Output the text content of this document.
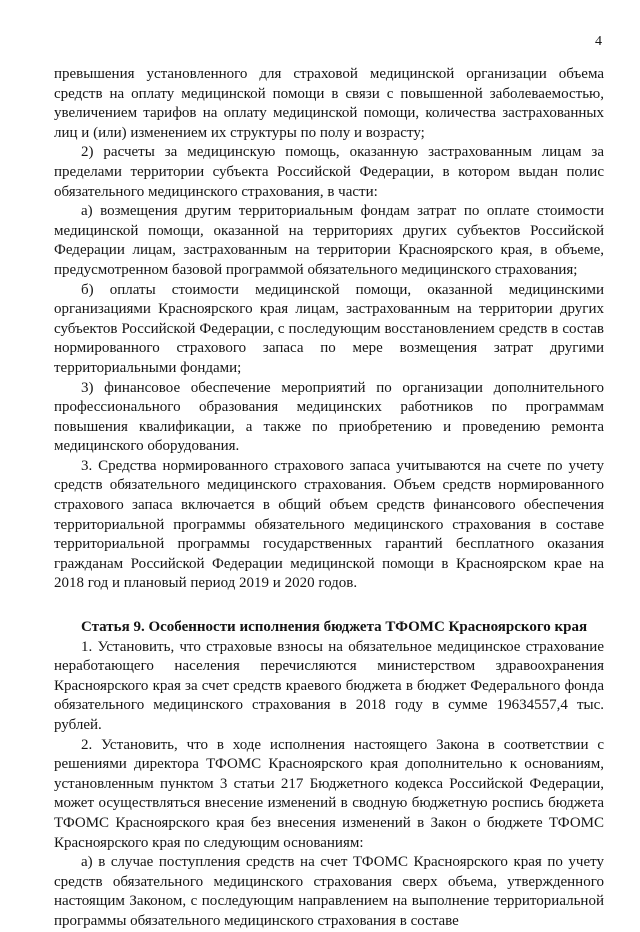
4

превышения установленного для страховой медицинской организации объема средств на оплату медицинской помощи в связи с повышенной заболеваемостью, увеличением тарифов на оплату медицинской помощи, количества застрахованных лиц и (или) изменением их структуры по полу и возрасту;

2) расчеты за медицинскую помощь, оказанную застрахованным лицам за пределами территории субъекта Российской Федерации, в котором выдан полис обязательного медицинского страхования, в части:

а) возмещения другим территориальным фондам затрат по оплате стоимости медицинской помощи, оказанной на территориях других субъектов Российской Федерации лицам, застрахованным на территории Красноярского края, в объеме, предусмотренном базовой программой обязательного медицинского страхования;

б) оплаты стоимости медицинской помощи, оказанной медицинскими организациями Красноярского края лицам, застрахованным на территории других субъектов Российской Федерации, с последующим восстановлением средств в состав нормированного страхового запаса по мере возмещения затрат другими территориальными фондами;

3) финансовое обеспечение мероприятий по организации дополнительного профессионального образования медицинских работников по программам повышения квалификации, а также по приобретению и проведению ремонта медицинского оборудования.

3. Средства нормированного страхового запаса учитываются на счете по учету средств обязательного медицинского страхования. Объем средств нормированного страхового запаса включается в общий объем средств финансового обеспечения территориальной программы обязательного медицинского страхования в составе территориальной программы государственных гарантий бесплатного оказания гражданам Российской Федерации медицинской помощи в Красноярском крае на 2018 год и плановый период 2019 и 2020 годов.

Статья 9. Особенности исполнения бюджета ТФОМС Красноярского края

1. Установить, что страховые взносы на обязательное медицинское страхование неработающего населения перечисляются министерством здравоохранения Красноярского края за счет средств краевого бюджета в бюджет Федерального фонда обязательного медицинского страхования в 2018 году в сумме 19634557,4 тыс. рублей.

2. Установить, что в ходе исполнения настоящего Закона в соответствии с решениями директора ТФОМС Красноярского края дополнительно к основаниям, установленным пунктом 3 статьи 217 Бюджетного кодекса Российской Федерации, может осуществляться внесение изменений в сводную бюджетную роспись бюджета ТФОМС Красноярского края без внесения изменений в Закон о бюджете ТФОМС Красноярского края по следующим основаниям:

а) в случае поступления средств на счет ТФОМС Красноярского края по учету средств обязательного медицинского страхования сверх объема, утвержденного настоящим Законом, с последующим направлением на выполнение территориальной программы обязательного медицинского страхования в составе
